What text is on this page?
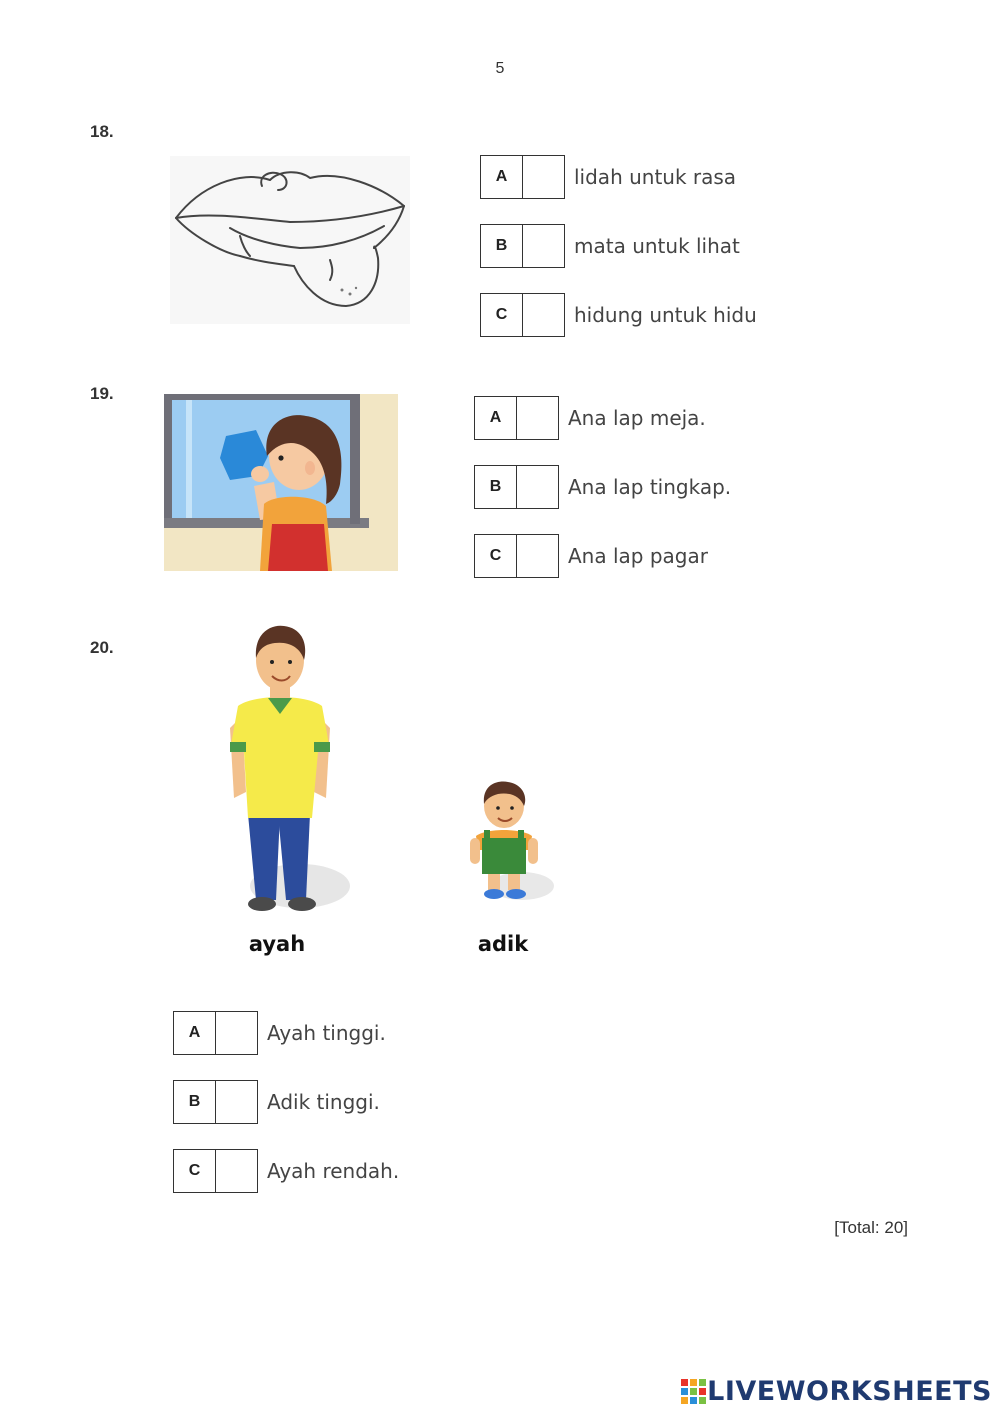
5
18.
A	lidah untuk rasa
B	mata untuk lihat
C	hidung untuk hidu
19.
A	Ana lap meja.
B	Ana lap tingkap.
C	Ana lap pagar
20.
ayah	adik
A	Ayah tinggi.
B	Adik tinggi.
C	Ayah rendah.
[Total: 20]
LIVEWORKSHEETS
